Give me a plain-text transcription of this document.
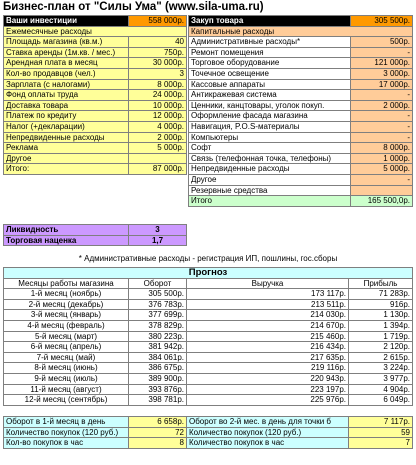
Бизнес-план от "Силы Ума" (www.sila-uma.ru)
Ваши инвестиции	558 000р.
Ежемесячные расходы	
Площадь магазина (кв.м.)	40
Ставка аренды (1м.кв. / мес.)	750р.
Арендная плата в месяц	30 000р.
Кол-во продавцов (чел.)	3
Зарплата (с налогами)	8 000р.
Фонд оплаты труда	24 000р.
Доставка товара	10 000р.
Платеж по кредиту	12 000р.
Налог (+декларации)	4 000р.
Непредвиденные расходы	2 000р.
Реклама	5 000р.
Другое	
Итого:	87 000р.
Закуп товара	305 500р.
Капитальные расходы	
Административные расходы*	500р.
Ремонт помещения	-
Торговое оборудование	121 000р.
Точечное освещение	3 000р.
Кассовые аппараты	17 000р.
Антикражевая система	-
Ценники, канцтовары, уголок покуп.	2 000р.
Оформление фасада магазина	-
Навигация, P.O.S-материалы	-
Компьютеры	-
Софт	8 000р.
Связь (телефонная точка, телефоны)	1 000р.
Непредвиденные расходы	5 000р.
Другое	-
Резервные средства	
Итого	165 500,0р.
Ликвидность	3
Торговая наценка	1,7
* Административные расходы - регистрация ИП, пошлины, гос.сборы
Прогноз			
Месяцы работы магазина	Оборот	Выручка	Прибыль
1-й месяц (ноябрь)	305 500р.	173 117р.	71 283р.
2-й месяц (декабрь)	376 783р.	213 511р.	916р.
3-й месяц (январь)	377 699р.	214 030р.	1 130р.
4-й месяц (февраль)	378 829р.	214 670р.	1 394р.
5-й месяц (март)	380 223р.	215 460р.	1 719р.
6-й месяц (апрель)	381 942р.	216 434р.	2 120р.
7-й месяц (май)	384 061р.	217 635р.	2 615р.
8-й месяц (июнь)	386 675р.	219 116р.	3 224р.
9-й месяц (июль)	389 900р.	220 943р.	3 977р.
11-й месяц (август)	393 876р.	223 197р.	4 904р.
12-й месяц (сентябрь)	398 781р.	225 976р.	6 049р.
Оборот в 1-й месяц в день	6 658р.	Оборот во 2-й мес. в день для точки б	7 117р.
Количество покупок (120 руб.)	72	Количество покупок (120 руб.)	59
Кол-во покупок в час	8	Количество покупок в час	7
